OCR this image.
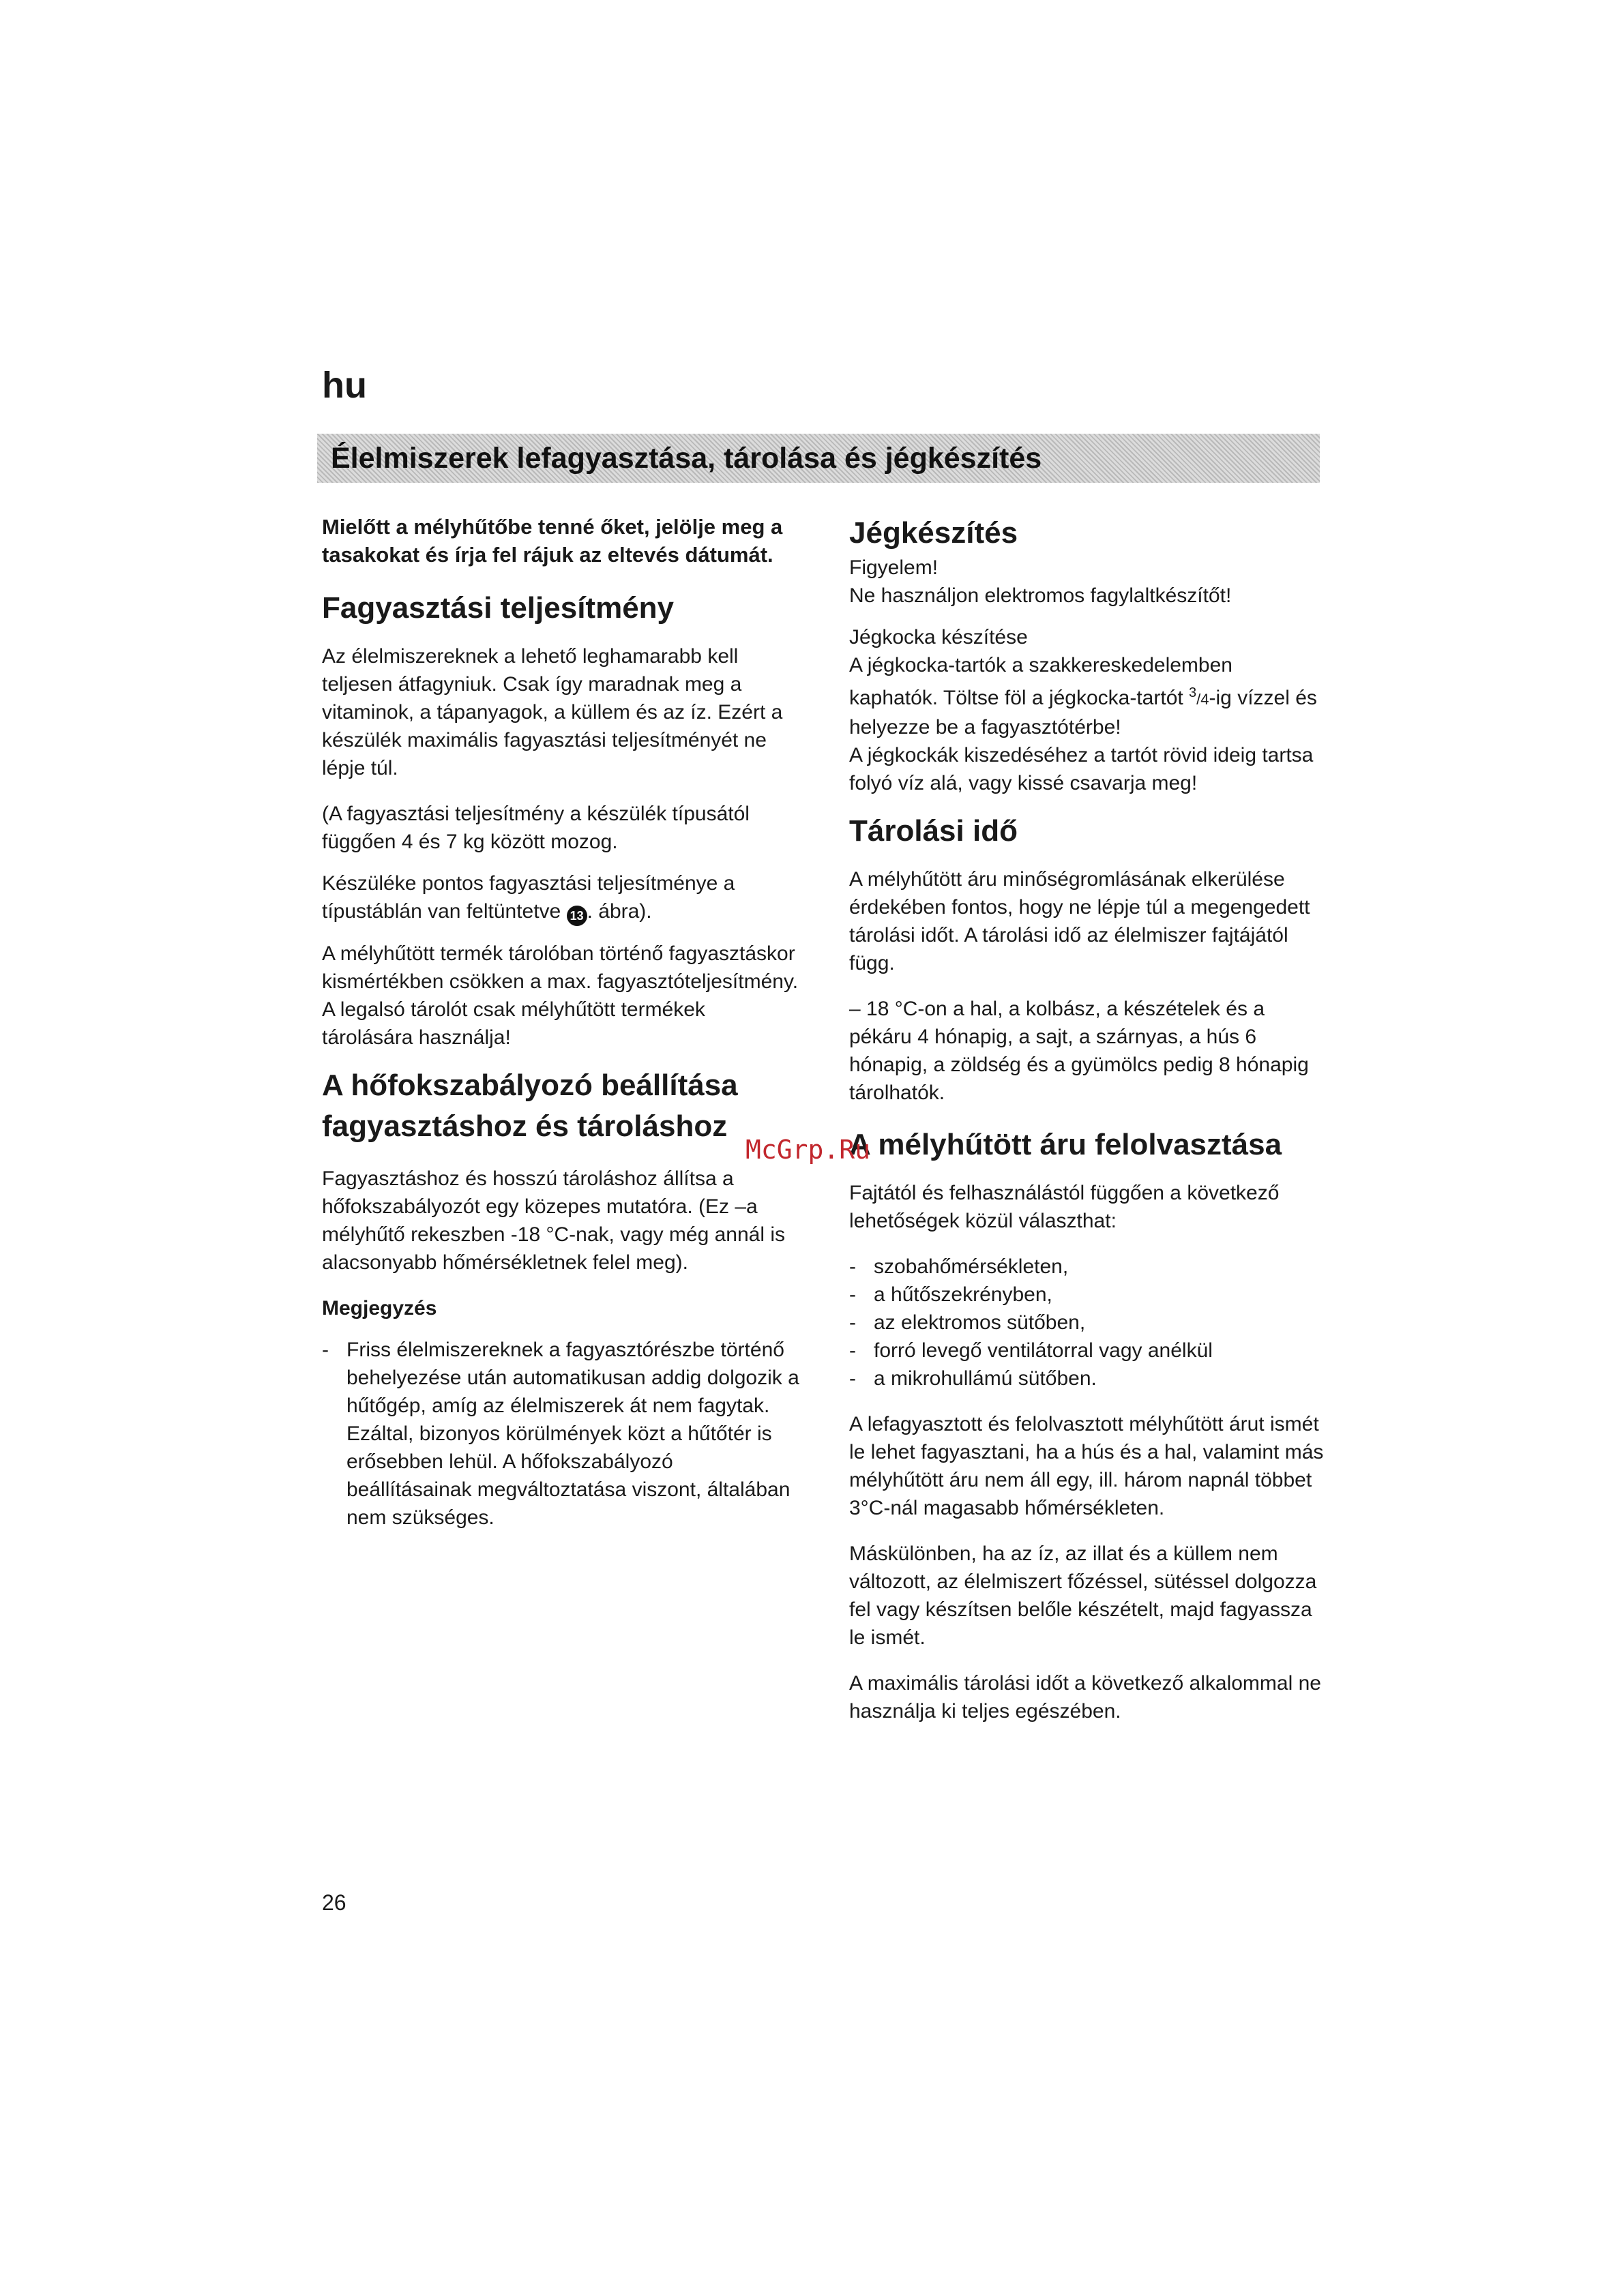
hu
Élelmiszerek lefagyasztása, tárolása és jégkészítés

Mielőtt a mélyhűtőbe tenné őket, jelölje meg a tasakokat és írja fel rájuk az eltevés dátumát.

Fagyasztási teljesítmény

Az élelmiszereknek a lehető leghamarabb kell teljesen átfagyniuk. Csak így maradnak meg a vitaminok, a tápanyagok, a küllem és az íz. Ezért a készülék maximális fagyasztási teljesítményét ne lépje túl.

(A fagyasztási teljesítmény a készülék típusától függően 4 és 7 kg között mozog.

Készüléke pontos fagyasztási teljesítménye a típustáblán van feltüntetve 13 . ábra).

A mélyhűtött termék tárolóban történő fagyasztáskor kismértékben csökken a max. fagyasztóteljesítmény. A legalsó tárolót csak mélyhűtött termékek tárolására használja!

A hőfokszabályozó beállítása fagyasztáshoz és tároláshoz

Fagyasztáshoz és hosszú tároláshoz állítsa a hőfokszabályozót egy közepes mutatóra. (Ez –a mélyhűtő rekeszben -18 °C-nak, vagy még annál is alacsonyabb hőmérsékletnek felel meg).

Megjegyzés
- Friss élelmiszereknek a fagyasztórészbe történő behelyezése után automatikusan addig dolgozik a hűtőgép, amíg az élelmiszerek át nem fagytak. Ezáltal, bizonyos körülmények közt a hűtőtér is erősebben lehül. A hőfokszabályozó beállításainak megváltoztatása viszont, általában nem szükséges.
Jégkészítés

Figyelem!

Ne használjon elektromos fagylaltkészítőt!

Jégkocka készítése

A jégkocka-tartók a szakkereskedelemben kaphatók. Töltse föl a jégkocka-tartót $^3$/4-ig vízzel és helyezze be a fagyasztótérbe!

A jégkockák kiszedéséhez a tartót rövid ideig tartsa folyó víz alá, vagy kissé csavarja meg!

Tárolási idő

A mélyhűtött áru minőségromlásának elkerülése érdekében fontos, hogy ne lépje túl a megengedett tárolási időt. A tárolási idő az élelmiszer fajtájától függ.

– 18 °C-on a hal, a kolbász, a készételek és a pékáru 4 hónapig, a sajt, a szárnyas, a hús 6 hónapig, a zöldség és a gyümölcs pedig 8 hónapig tárolhatók.

A mélyhűtött áru felolvasztása

Fajtától és felhasználástól függően a következő lehetőségek közül választhat:

- szobahőmérsékleten,
- a hűtőszekrényben,
- az elektromos sütőben,
- forró levegő ventilátorral vagy anélkül
- a mikrohullámú sütőben.

A lefagyasztott és felolvasztott mélyhűtött árut ismét le lehet fagyasztani, ha a hús és a hal, valamint más mélyhűtött áru nem áll egy, ill. három napnál többet 3°C-nál magasabb hőmérsékleten.

Máskülönben, ha az íz, az illat és a küllem nem változott, az élelmiszert főzéssel, sütéssel dolgozza fel vagy készítsen belőle készételt, majd fagyassza le ismét.

A maximális tárolási időt a következő alkalommal ne használja ki teljes egészében.

McGrp.Ru
26
